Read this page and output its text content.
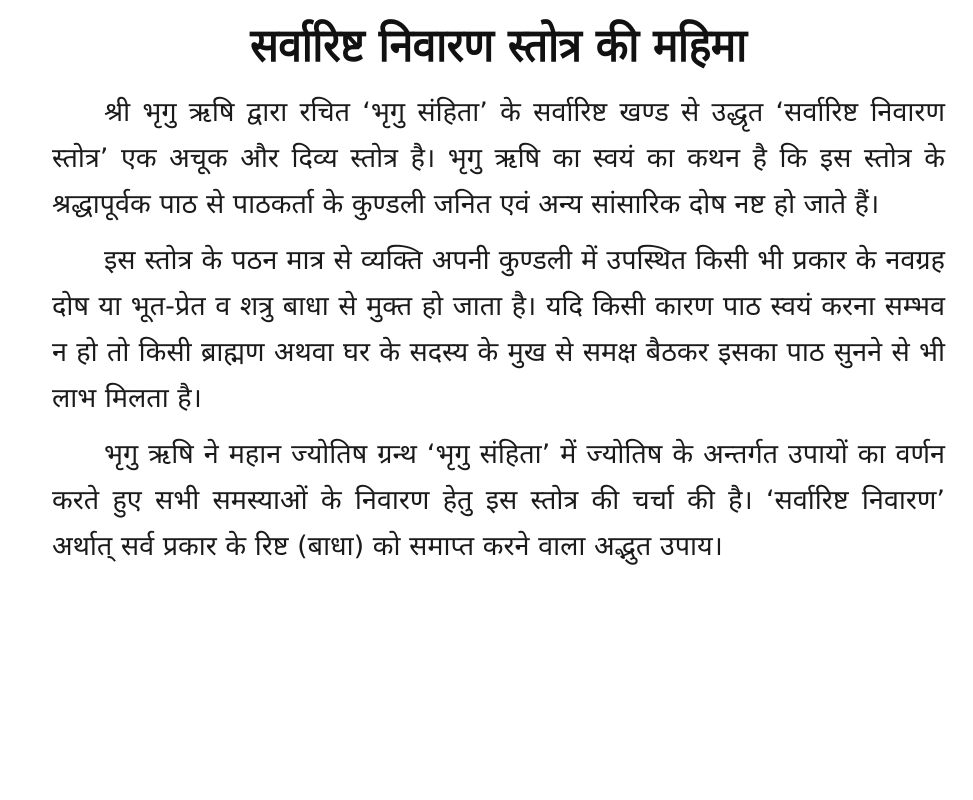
सर्वारिष्ट निवारण स्तोत्र की महिमा

श्री भृगु ऋषि द्वारा रचित ‘भृगु संहिता’ के सर्वारिष्ट खण्ड से उद्धृत ‘सर्वारिष्ट निवारण स्तोत्र’ एक अचूक और दिव्य स्तोत्र है। भृगु ऋषि का स्वयं का कथन है कि इस स्तोत्र के श्रद्धापूर्वक पाठ से पाठकर्ता के कुण्डली जनित एवं अन्य सांसारिक दोष नष्ट हो जाते हैं।

इस स्तोत्र के पठन मात्र से व्यक्ति अपनी कुण्डली में उपस्थित किसी भी प्रकार के नवग्रह दोष या भूत-प्रेत व शत्रु बाधा से मुक्त हो जाता है। यदि किसी कारण पाठ स्वयं करना सम्भव न हो तो किसी ब्राह्मण अथवा घर के सदस्य के मुख से समक्ष बैठकर इसका पाठ सुनने से भी लाभ मिलता है।

भृगु ऋषि ने महान ज्योतिष ग्रन्थ ‘भृगु संहिता’ में ज्योतिष के अन्तर्गत उपायों का वर्णन करते हुए सभी समस्याओं के निवारण हेतु इस स्तोत्र की चर्चा की है। ‘सर्वारिष्ट निवारण’ अर्थात् सर्व प्रकार के रिष्ट (बाधा) को समाप्त करने वाला अद्भुत उपाय।
